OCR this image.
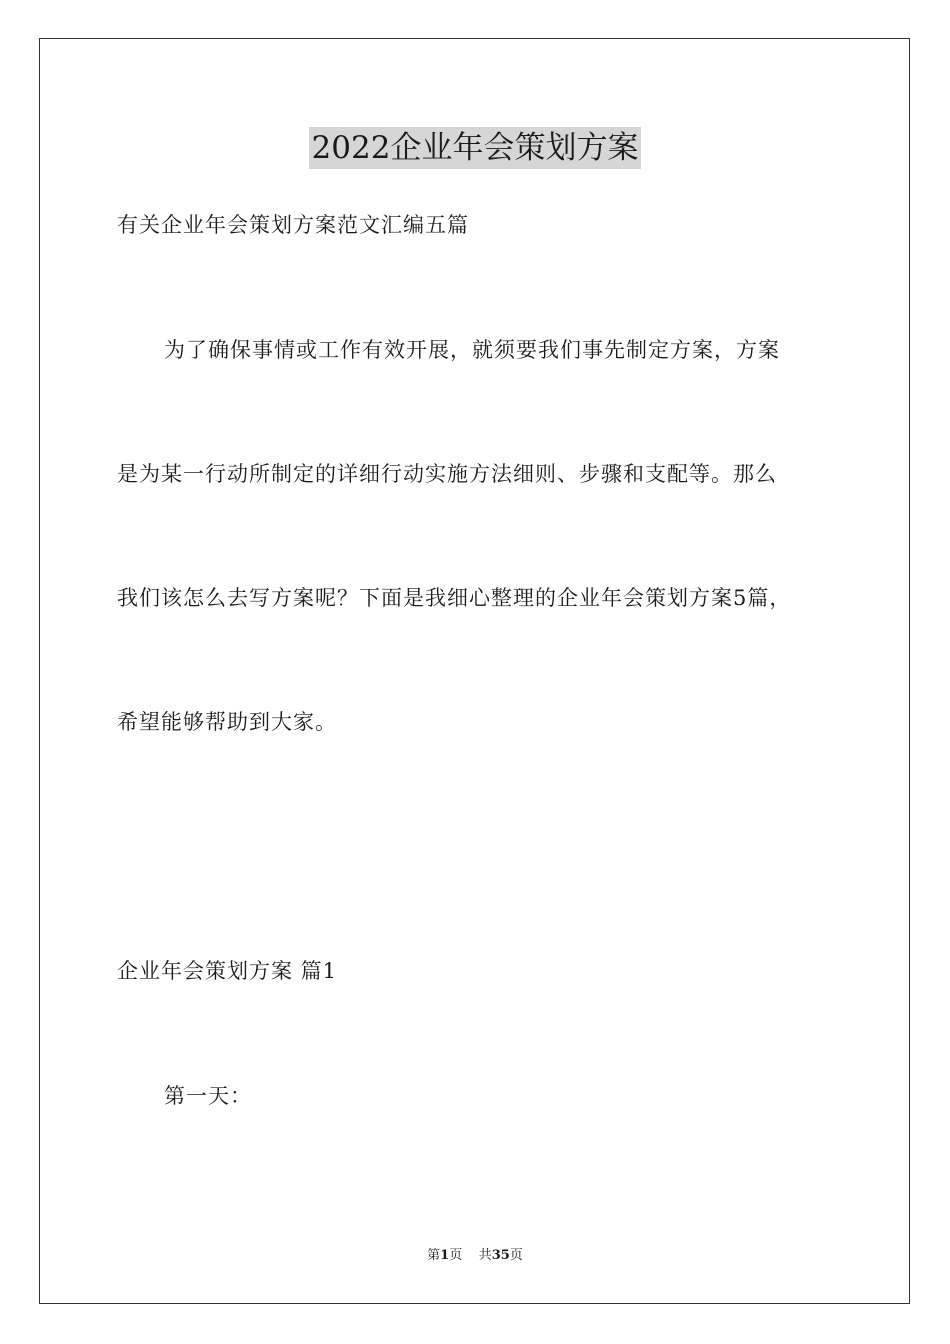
2022企业年会策划方案
有关企业年会策划方案范文汇编五篇
为了确保事情或工作有效开展，就须要我们事先制定方案，方案
是为某一行动所制定的详细行动实施方法细则、步骤和支配等。那么
我们该怎么去写方案呢？下面是我细心整理的企业年会策划方案5篇，
希望能够帮助到大家。
企业年会策划方案 篇1
第一天：
第1页 共35页
